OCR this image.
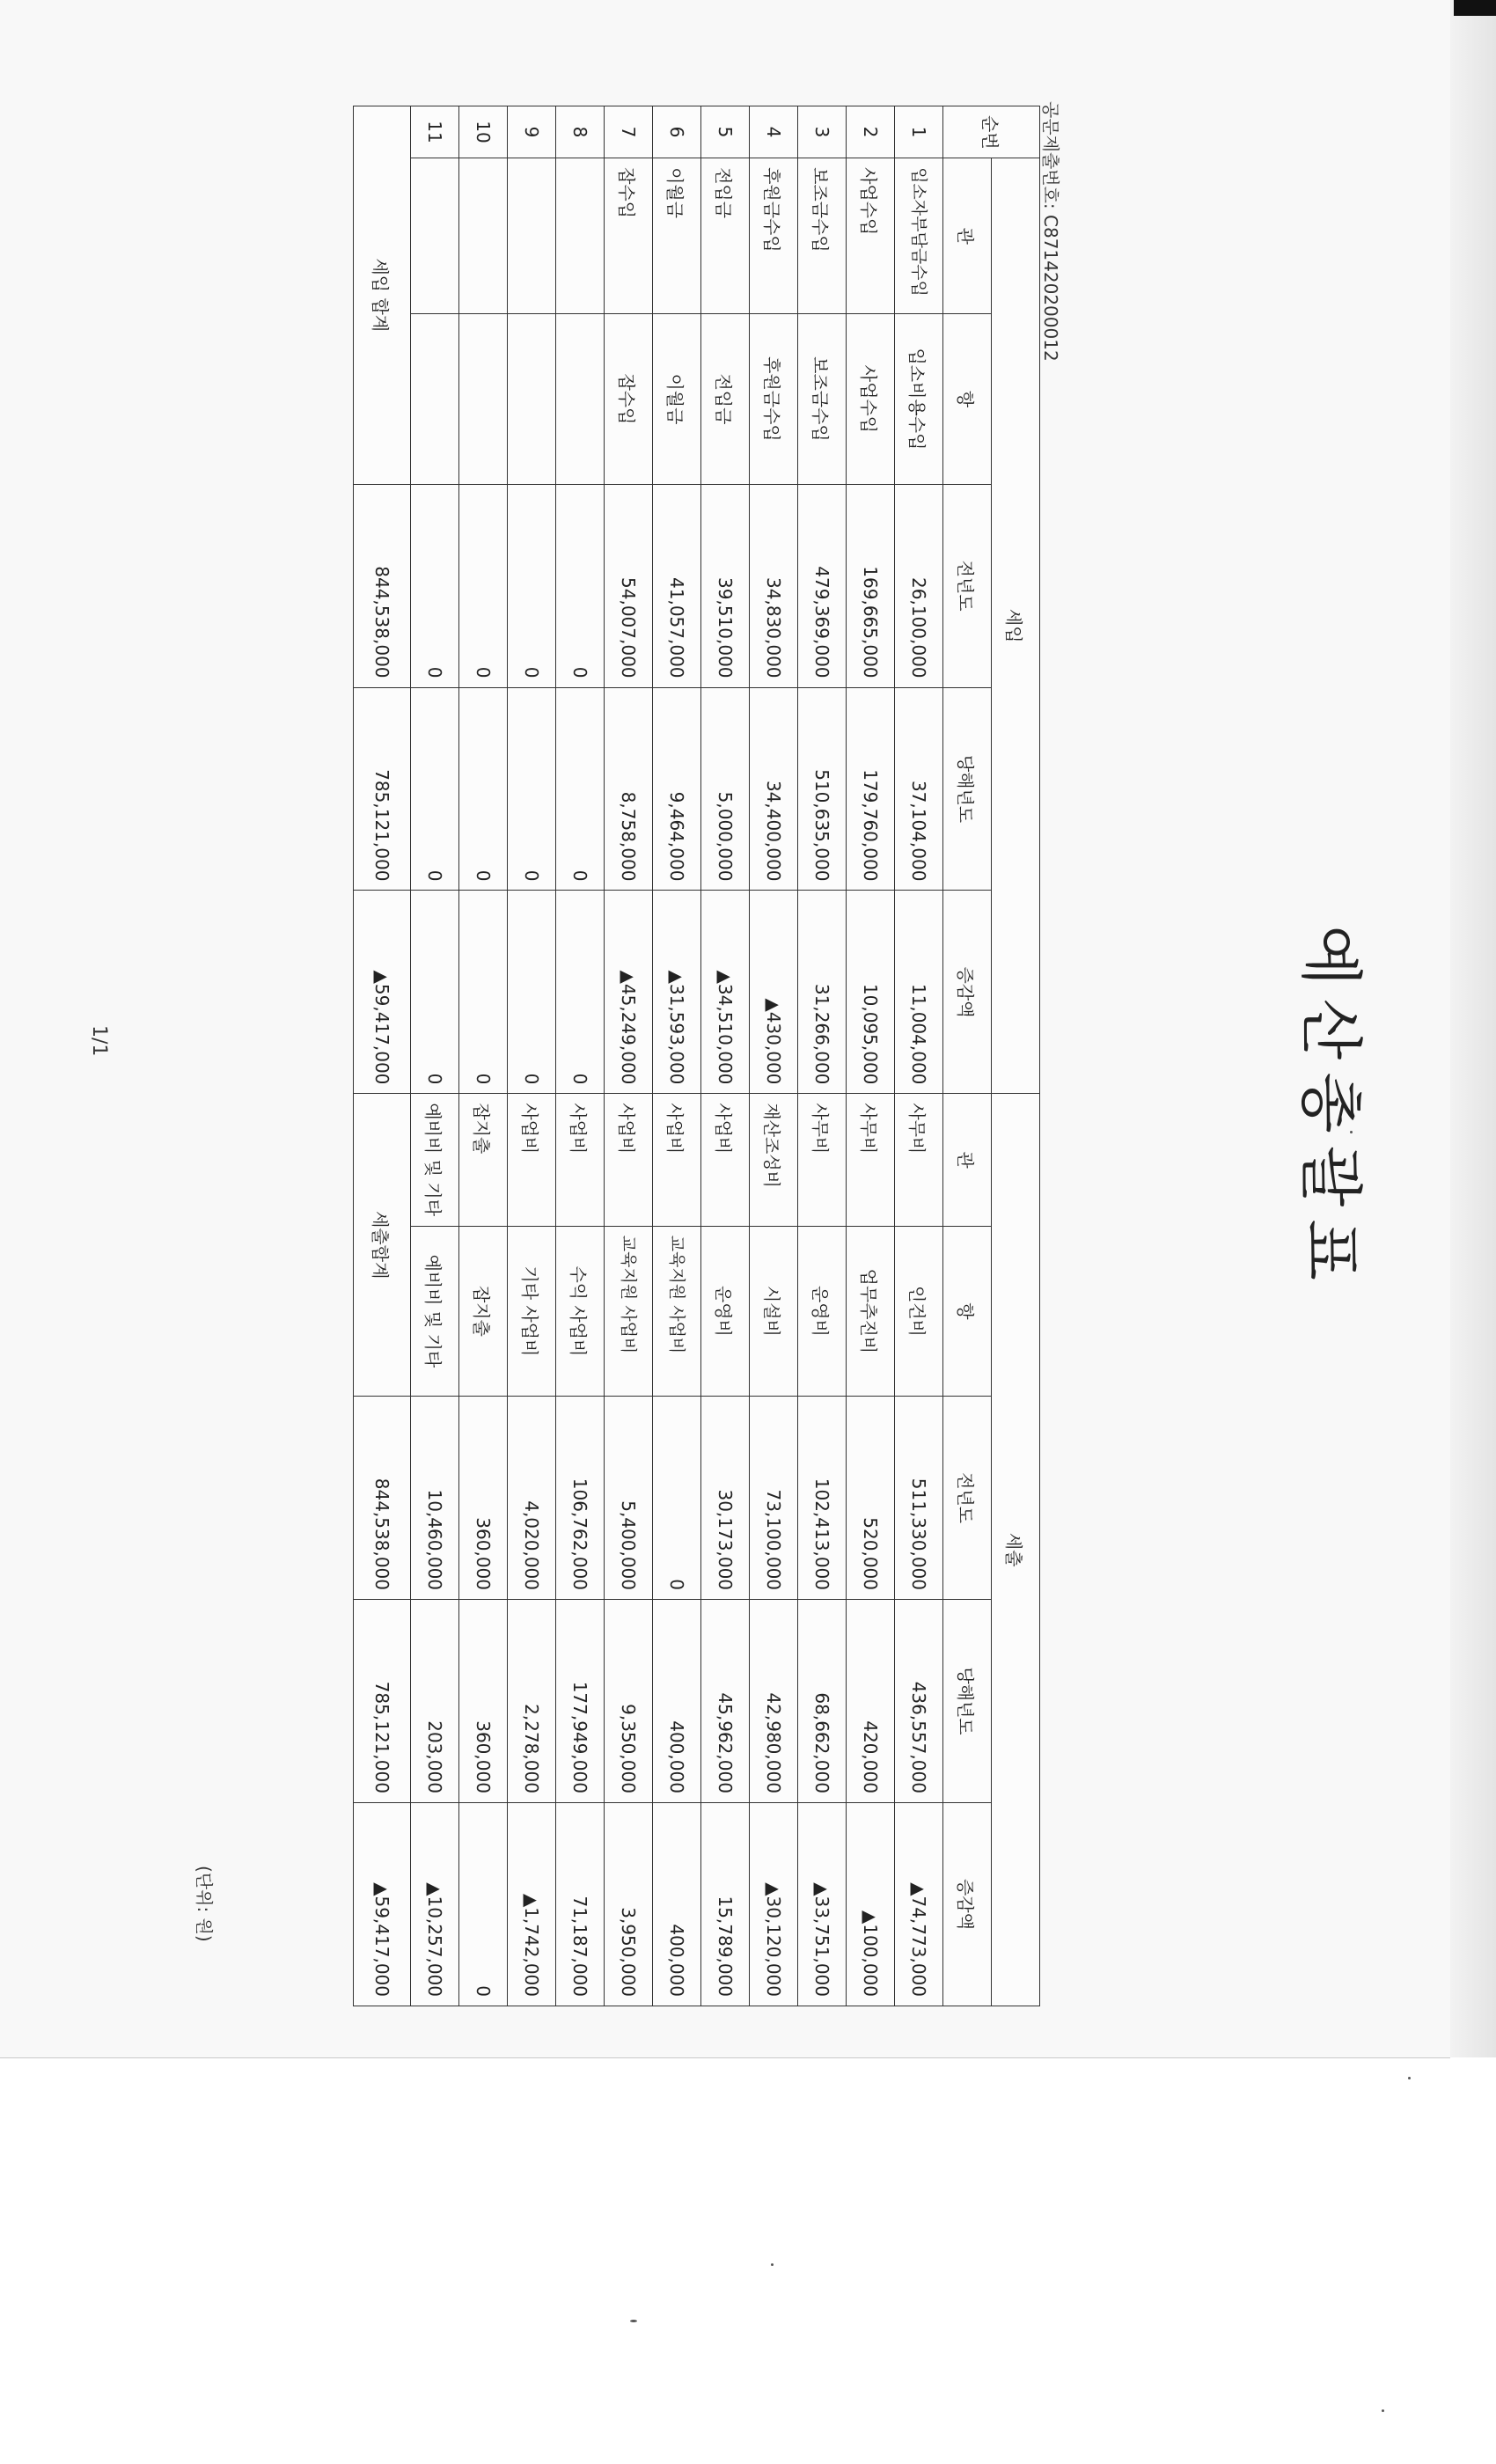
예산총괄표
공문제출번호: C871420200012
순번	세입					세출				
	관	항	전년도	당해년도	증감액	관	항	전년도	당해년도	증감액
1	입소자부담금수입	입소비용수입	26,100,000	37,104,000	11,004,000	사무비	인건비	511,330,000	436,557,000	▲74,773,000
2	사업수입	사업수입	169,665,000	179,760,000	10,095,000	사무비	업무추진비	520,000	420,000	▲100,000
3	보조금수입	보조금수입	479,369,000	510,635,000	31,266,000	사무비	운영비	102,413,000	68,662,000	▲33,751,000
4	후원금수입	후원금수입	34,830,000	34,400,000	▲430,000	재산조성비	시설비	73,100,000	42,980,000	▲30,120,000
5	전입금	전입금	39,510,000	5,000,000	▲34,510,000	사업비	운영비	30,173,000	45,962,000	15,789,000
6	이월금	이월금	41,057,000	9,464,000	▲31,593,000	사업비	교육지원 사업비	0	400,000	400,000
7	잡수입	잡수입	54,007,000	8,758,000	▲45,249,000	사업비	교육지원 사업비	5,400,000	9,350,000	3,950,000
8			0	0	0	사업비	수익 사업비	106,762,000	177,949,000	71,187,000
9			0	0	0	사업비	기타 사업비	4,020,000	2,278,000	▲1,742,000
10			0	0	0	잡지출	잡지출	360,000	360,000	0
11			0	0	0	예비비 및 기타	예비비 및 기타	10,460,000	203,000	▲10,257,000
세입 합계			844,538,000	785,121,000	▲59,417,000	세출합계		844,538,000	785,121,000	▲59,417,000
(단위: 원)
1/1
